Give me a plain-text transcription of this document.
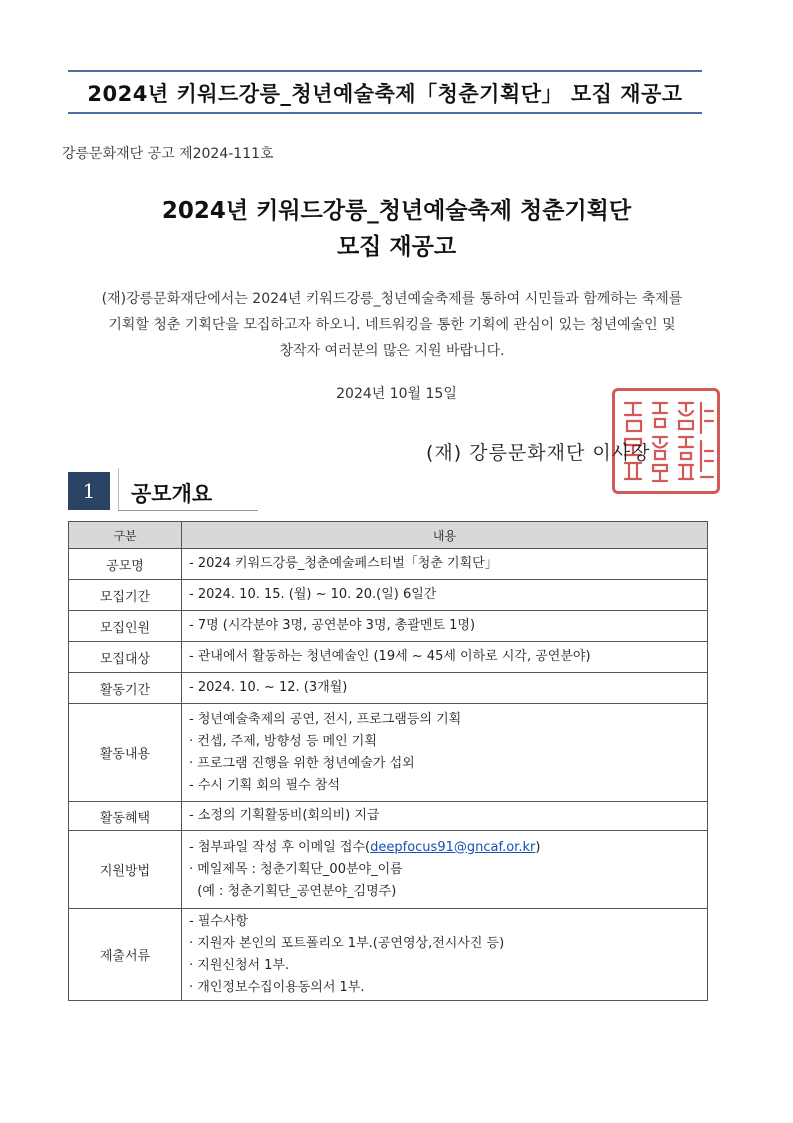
2024년 키워드강릉_청년예술축제「청춘기획단」 모집 재공고
강릉문화재단 공고 제2024-111호
2024년 키워드강릉_청년예술축제 청춘기획단
모집 재공고
(재)강릉문화재단에서는 2024년 키워드강릉_청년예술축제를 통하여 시민들과 함께하는 축제를
기획할 청춘 기획단을 모집하고자 하오니. 네트워킹을 통한 기획에 관심이 있는 청년예술인 및
창작자 여러분의 많은 지원 바랍니다.
2024년 10월 15일
(재) 강릉문화재단 이사장
1	공모개요
구분	내용
공모명	- 2024 키워드강릉_청춘예술페스티벌「청춘 기획단」

모집기간	- 2024. 10. 15. (월) ~ 10. 20.(일) 6일간

모집인원	- 7명 (시각분야 3명, 공연분야 3명, 총괄멘토 1명)

모집대상	- 관내에서 활동하는 청년예술인 (19세 ~ 45세 이하로 시각, 공연분야)

활동기간	- 2024. 10. ~ 12. (3개월)

활동내용	- 청년예술축제의 공연, 전시, 프로그램등의 기획
· 컨셉, 주제, 방향성 등 메인 기획
· 프로그램 진행을 위한 청년예술가 섭외
- 수시 기획 회의 필수 참석

활동혜택	- 소정의 기획활동비(회의비) 지급

지원방법	- 첨부파일 작성 후 이메일 접수(deepfocus91@gncaf.or.kr)
· 메일제목 : 청춘기획단_00분야_이름
(예 : 청춘기획단_공연분야_김명주)

제출서류	- 필수사항
· 지원자 본인의 포트폴리오 1부.(공연영상,전시사진 등)
· 지원신청서 1부.
· 개인정보수집이용동의서 1부.
